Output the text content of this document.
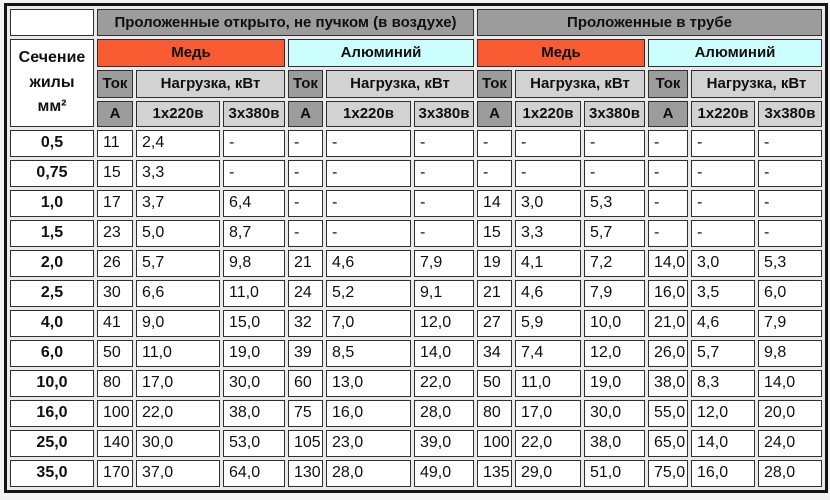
	Проложенные открыто, не пучком (в воздухе)						Проложенные в трубе					
Сечение жилы мм²	Медь			Алюминий			Медь			Алюминий		
	Ток	Нагрузка, кВт		Ток	Нагрузка, кВт		Ток	Нагрузка, кВт		Ток	Нагрузка, кВт	
	А	1х220в	3х380в	А	1х220в	3х380в	А	1х220в	3х380в	А	1х220в	3х380в
0,5	11	2,4	-	-	-	-	-	-	-	-	-	-
0,75	15	3,3	-	-	-	-	-	-	-	-	-	-
1,0	17	3,7	6,4	-	-	-	14	3,0	5,3	-	-	-
1,5	23	5,0	8,7	-	-	-	15	3,3	5,7	-	-	-
2,0	26	5,7	9,8	21	4,6	7,9	19	4,1	7,2	14,0	3,0	5,3
2,5	30	6,6	11,0	24	5,2	9,1	21	4,6	7,9	16,0	3,5	6,0
4,0	41	9,0	15,0	32	7,0	12,0	27	5,9	10,0	21,0	4,6	7,9
6,0	50	11,0	19,0	39	8,5	14,0	34	7,4	12,0	26,0	5,7	9,8
10,0	80	17,0	30,0	60	13,0	22,0	50	11,0	19,0	38,0	8,3	14,0
16,0	100	22,0	38,0	75	16,0	28,0	80	17,0	30,0	55,0	12,0	20,0
25,0	140	30,0	53,0	105	23,0	39,0	100	22,0	38,0	65,0	14,0	24,0
35,0	170	37,0	64,0	130	28,0	49,0	135	29,0	51,0	75,0	16,0	28,0
